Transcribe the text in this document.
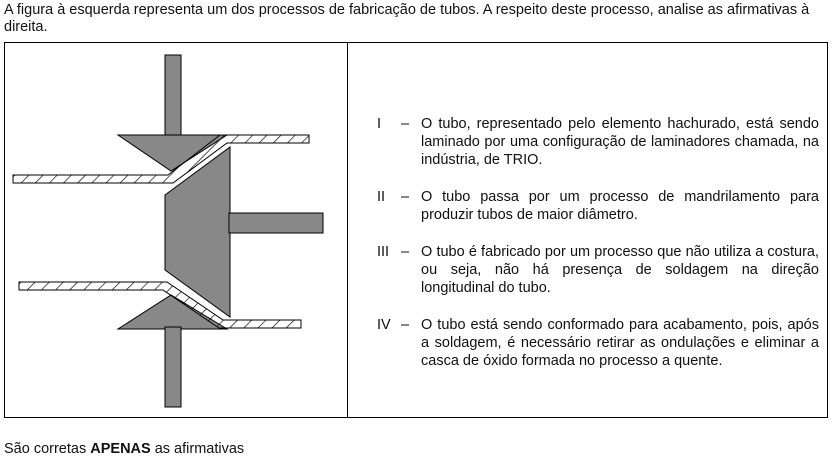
A figura à esquerda representa um dos processos de fabricação de tubos. A respeito deste processo, analise as afirmativas à direita.
I	– O tubo, representado pelo elemento hachurado, está sendo laminado por uma configuração de laminadores chamada, na indústria, de TRIO.
II	– O tubo passa por um processo de mandrilamento para produzir tubos de maior diâmetro.
III – O tubo é fabricado por um processo que não utiliza a costura, ou seja, não há presença de soldagem na direção longitudinal do tubo.
IV – O tubo está sendo conformado para acabamento, pois, após a soldagem, é necessário retirar as ondulações e eliminar a casca de óxido formada no processo a quente.
São corretas APENAS as afirmativas
